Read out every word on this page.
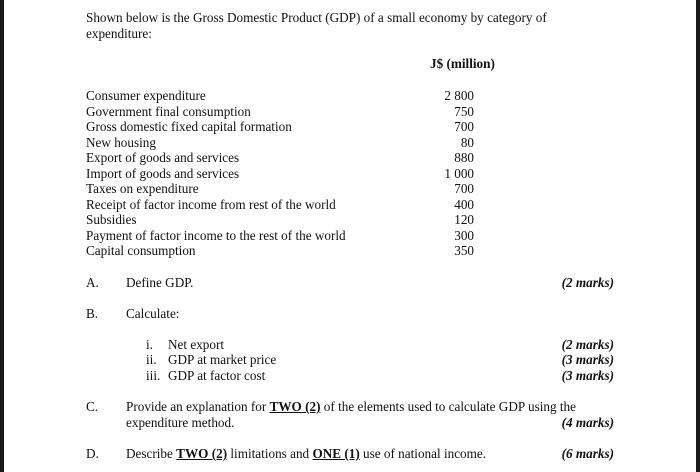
Shown below is the Gross Domestic Product (GDP) of a small economy by category of expenditure:
J$ (million)
Consumer expenditure	2 800
Government final consumption	750
Gross domestic fixed capital formation	700
New housing	80
Export of goods and services	880
Import of goods and services	1 000
Taxes on expenditure	700
Receipt of factor income from rest of the world	400
Subsidies	120
Payment of factor income to the rest of the world	300
Capital consumption	350
A. Define GDP.	(2 marks)
B. Calculate:
i.	Net export	(2 marks)
ii. GDP at market price	(3 marks)
iii. GDP at factor cost	(3 marks)
C. Provide an explanation for TWO (2) of the elements used to calculate GDP using the
expenditure method.	(4 marks)
D. Describe TWO (2) limitations and ONE (1) use of national income.	(6 marks)
